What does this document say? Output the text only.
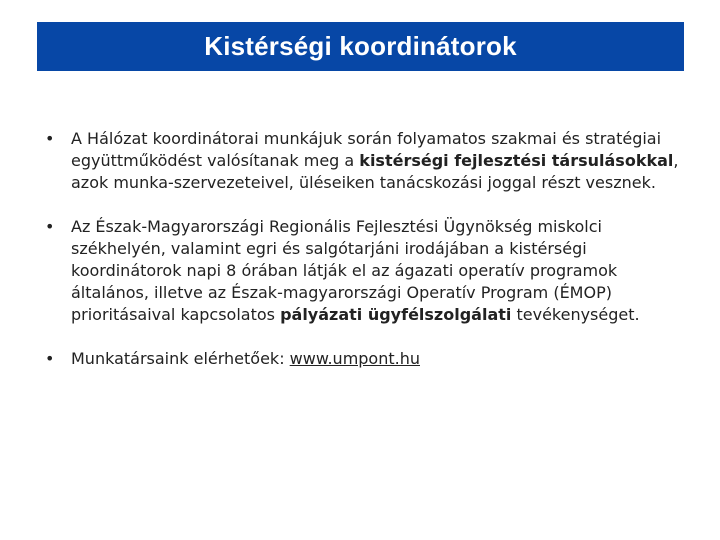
Kistérségi koordinátorok
• A Hálózat koordinátorai munkájuk során folyamatos szakmai és stratégiai együttműködést valósítanak meg a kistérségi fejlesztési társulásokkal, azok munka-szervezeteivel, üléseiken tanácskozási joggal részt vesznek.
• Az Észak-Magyarországi Regionális Fejlesztési Ügynökség miskolci székhelyén, valamint egri és salgótarjáni irodájában a kistérségi koordinátorok napi 8 órában látják el az ágazati operatív programok általános, illetve az Észak-magyarországi Operatív Program (ÉMOP) prioritásaival kapcsolatos pályázati ügyfélszolgálati tevékenységet.
• Munkatársaink elérhetőek: www.umpont.hu
